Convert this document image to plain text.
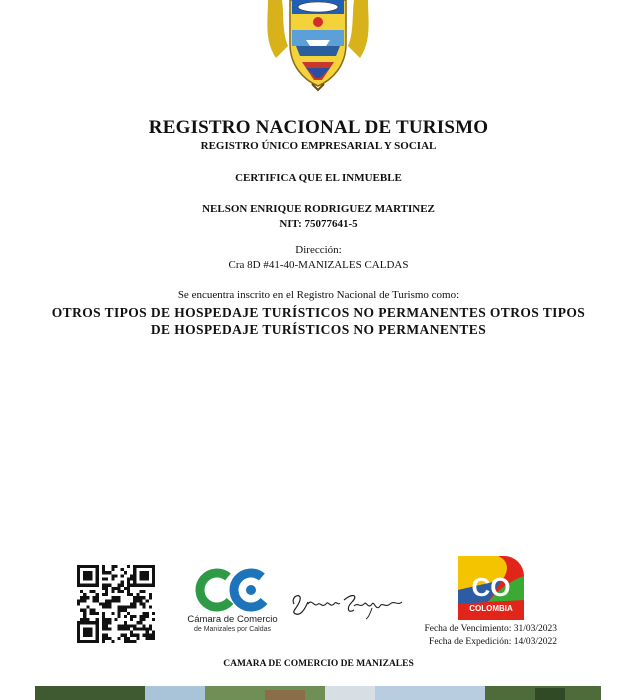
REGISTRO NACIONAL DE TURISMO
REGISTRO ÚNICO EMPRESARIAL Y SOCIAL
CERTIFICA QUE EL INMUEBLE
NELSON ENRIQUE RODRIGUEZ MARTINEZ
NIT: 75077641-5
Dirección:
Cra 8D #41-40-MANIZALES CALDAS
Se encuentra inscrito en el Registro Nacional de Turismo como:
OTROS TIPOS DE HOSPEDAJE TURÍSTICOS NO PERMANENTES OTROS TIPOS DE HOSPEDAJE TURÍSTICOS NO PERMANENTES
Cámara de Comercio
de Manizales por Caldas
CO
COLOMBIA
Fecha de Vencimiento: 31/03/2023
Fecha de Expedición: 14/03/2022
CAMARA DE COMERCIO DE MANIZALES
